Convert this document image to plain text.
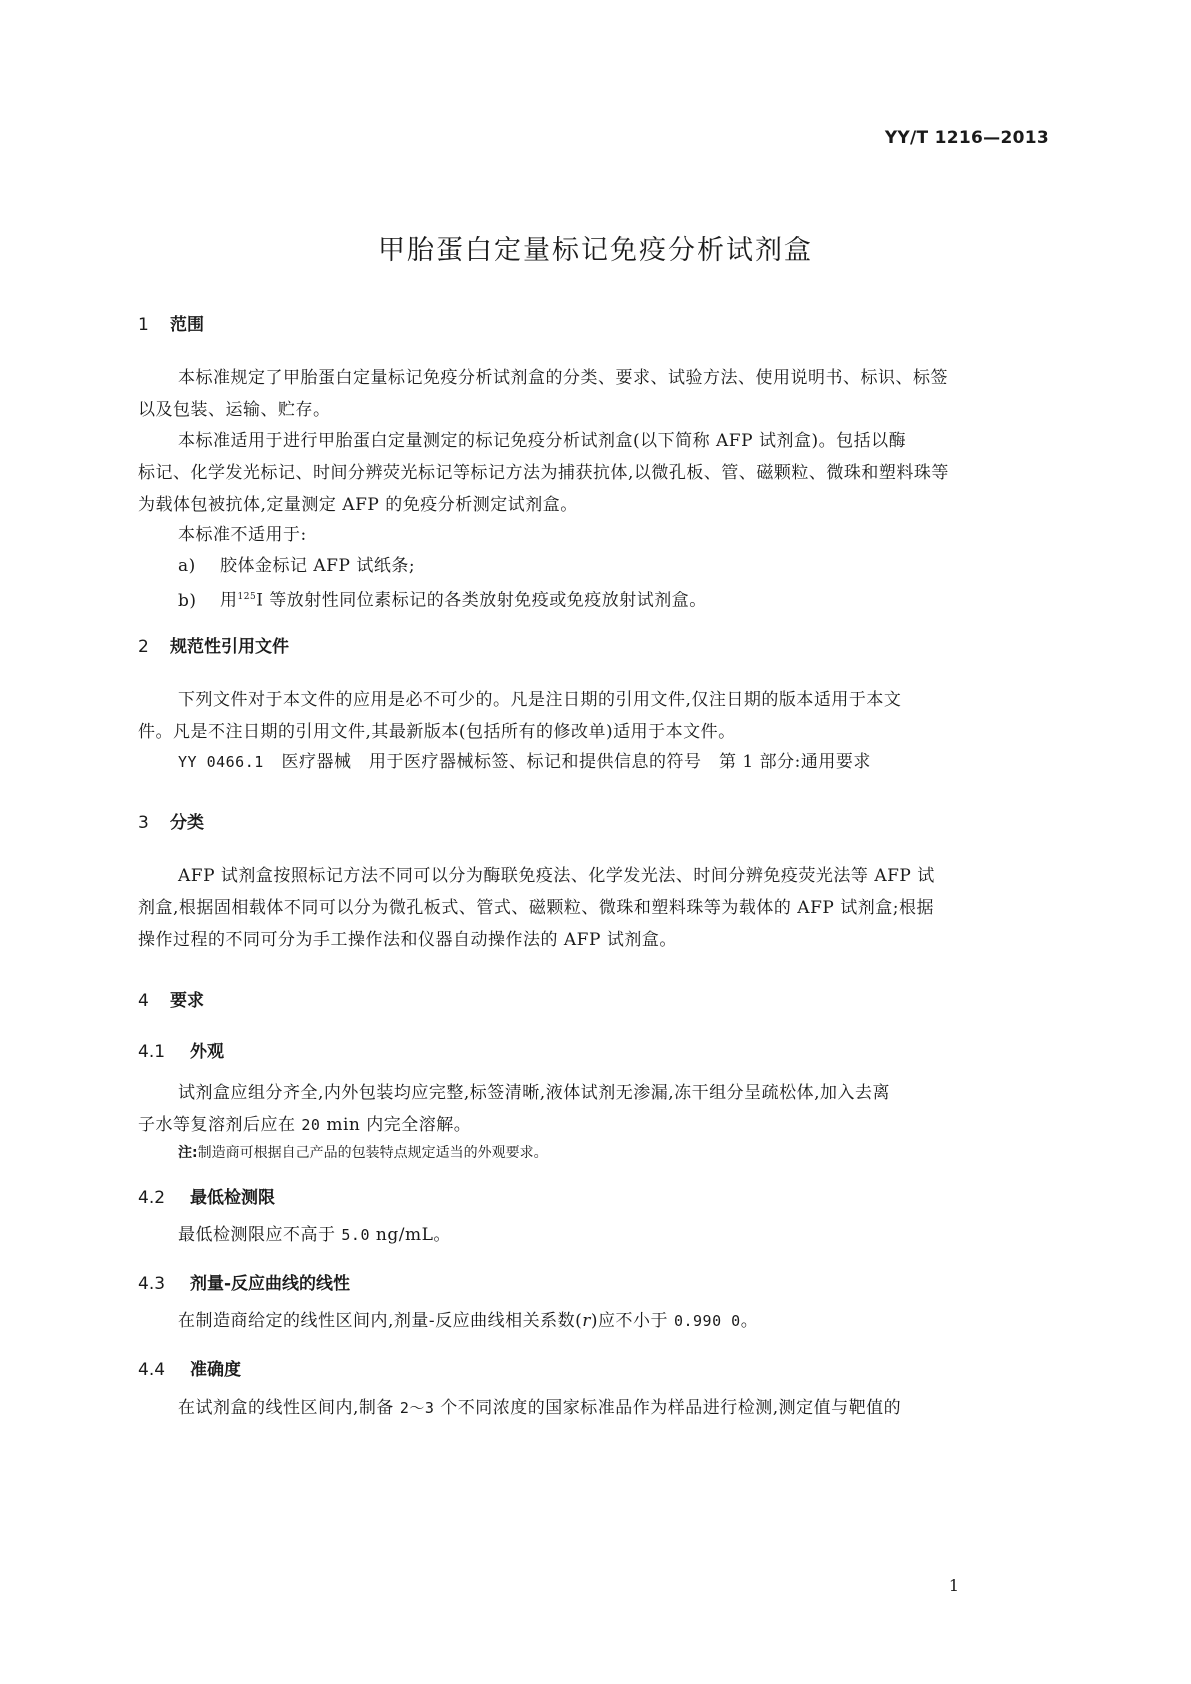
YY/T 1216—2013
甲胎蛋白定量标记免疫分析试剂盒
1 范围
本标准规定了甲胎蛋白定量标记免疫分析试剂盒的分类、要求、试验方法、使用说明书、标识、标签
以及包装、运输、贮存。
本标准适用于进行甲胎蛋白定量测定的标记免疫分析试剂盒(以下简称 AFP 试剂盒)。包括以酶
标记、化学发光标记、时间分辨荧光标记等标记方法为捕获抗体,以微孔板、管、磁颗粒、微珠和塑料珠等
为载体包被抗体,定量测定 AFP 的免疫分析测定试剂盒。
本标准不适用于:
a) 胶体金标记 AFP 试纸条;
b) 用$^{125}$I 等放射性同位素标记的各类放射免疫或免疫放射试剂盒。
2 规范性引用文件
下列文件对于本文件的应用是必不可少的。凡是注日期的引用文件,仅注日期的版本适用于本文
件。凡是不注日期的引用文件,其最新版本(包括所有的修改单)适用于本文件。
YY 0466.1 医疗器械　用于医疗器械标签、标记和提供信息的符号　第 1 部分:通用要求
3 分类
AFP 试剂盒按照标记方法不同可以分为酶联免疫法、化学发光法、时间分辨免疫荧光法等 AFP 试
剂盒,根据固相载体不同可以分为微孔板式、管式、磁颗粒、微珠和塑料珠等为载体的 AFP 试剂盒;根据
操作过程的不同可分为手工操作法和仪器自动操作法的 AFP 试剂盒。
4 要求
4.1 外观
试剂盒应组分齐全,内外包装均应完整,标签清晰,液体试剂无渗漏,冻干组分呈疏松体,加入去离
子水等复溶剂后应在 20 min 内完全溶解。
注:制造商可根据自己产品的包装特点规定适当的外观要求。
4.2 最低检测限
最低检测限应不高于 5.0 ng/mL。
4.3 剂量-反应曲线的线性
在制造商给定的线性区间内,剂量-反应曲线相关系数(r)应不小于 0.990 0。
4.4 准确度
在试剂盒的线性区间内,制备 2～3 个不同浓度的国家标准品作为样品进行检测,测定值与靶值的
1
